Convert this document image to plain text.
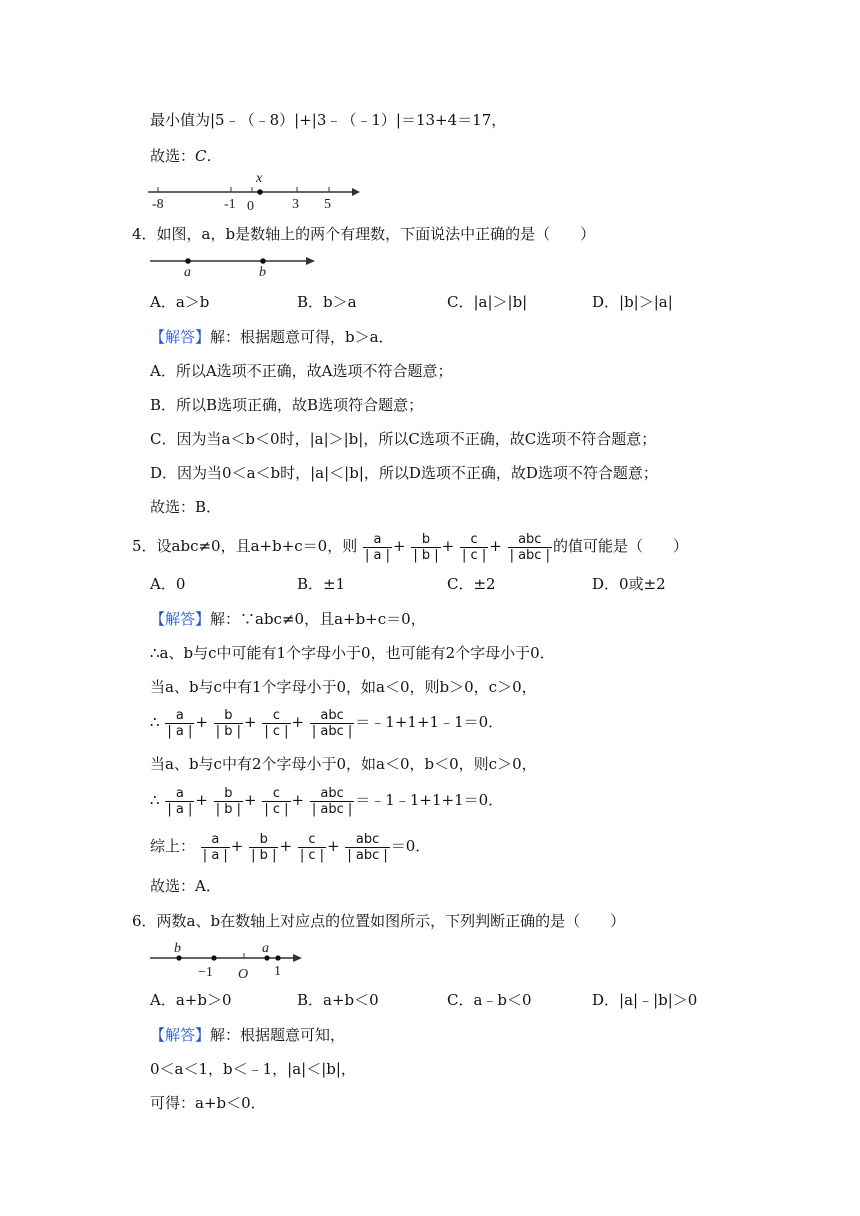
最小值为|5﹣（﹣8）|+|3﹣（﹣1）|＝13+4＝17，
故选：C．
-8	-1 0	3 5
x
4．如图，a，b是数轴上的两个有理数，下面说法中正确的是（　　）
a	b
A．a＞b	B．b＞a	C．|a|＞|b|	D．|b|＞|a|
【解答】解：根据题意可得，b＞a．
A．所以A选项不正确，故A选项不符合题意；
B．所以B选项正确，故B选项符合题意；
C．因为当a＜b＜0时，|a|＞|b|，所以C选项不正确，故C选项不符合题意；
D．因为当0＜a＜b时，|a|＜|b|，所以D选项不正确，故D选项不符合题意；
故选：B．
5．设abc≠0，且a+b+c＝0，则 a
| a | + b
| b | + c
| c | + abc
| abc | 的值可能是（　　）
A．0	B．±1	C．±2	D．0或±2
【解答】解：∵abc≠0，且a+b+c＝0，
∴a、b与c中可能有1个字母小于0，也可能有2个字母小于0．
当a、b与c中有1个字母小于0，如a＜0，则b＞0，c＞0，
∴ a
| a | + b
| b | + c
| c | + abc
| abc | ＝﹣1+1+1﹣1＝0．
当a、b与c中有2个字母小于0，如a＜0，b＜0，则c＞0，
∴ a
| a | + b
| b | + c
| c | + abc
| abc | ＝﹣1﹣1+1+1＝0．
综上： a
| a | + b
| b | + c
| c | + abc
| abc | ＝0．
故选：A．
6．两数a、b在数轴上对应点的位置如图所示，下列判断正确的是（　　）
b
−1 O
a
1
A．a+b＞0	B．a+b＜0	C．a﹣b＜0	D．|a|﹣|b|＞0
【解答】解：根据题意可知，
0＜a＜1，b＜﹣1，|a|＜|b|，
可得：a+b＜0．
